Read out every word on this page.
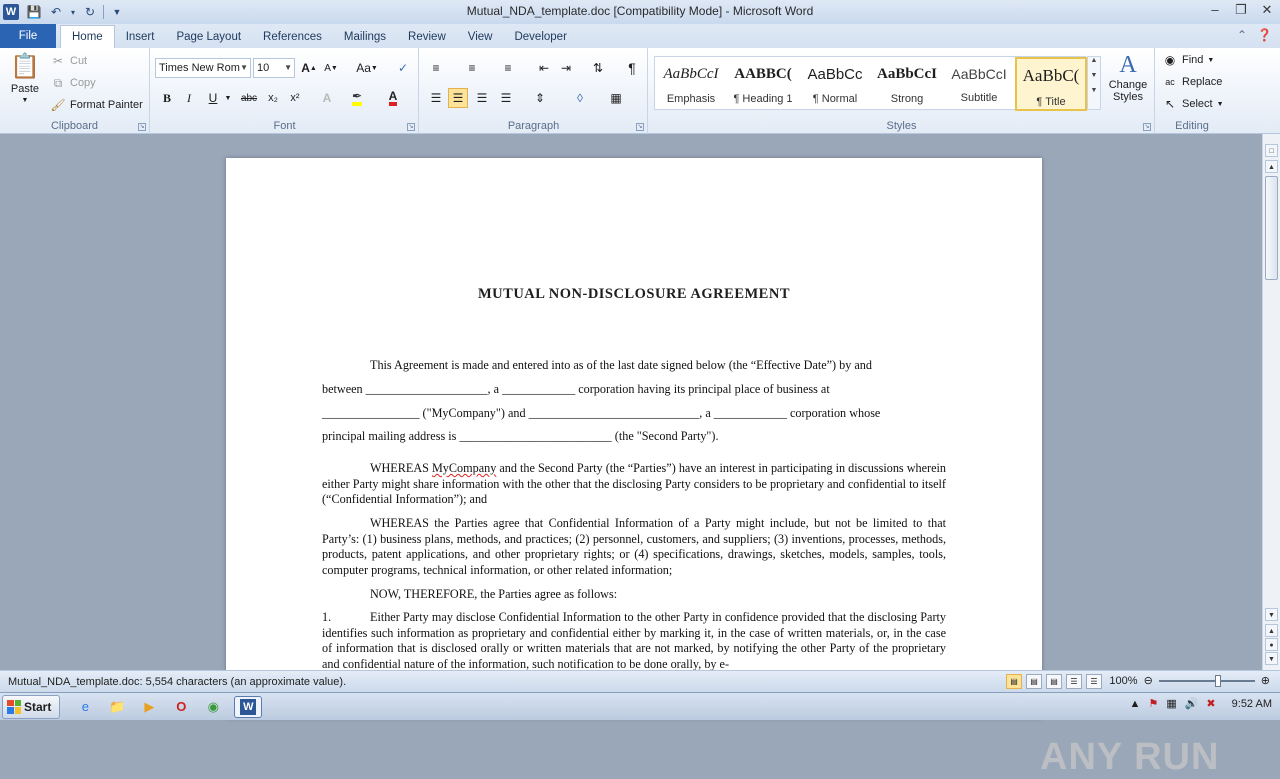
W 💾 ↶	▾ ↻	▼	Mutual_NDA_template.doc [Compatibility Mode] - Microsoft Word	– ❐ ✕
File	Home	Insert	Page Layout	References	Mailings	Review	View	Developer	⌃ ❓
📋
Paste
▼
✂ Cut
⧉ Copy
🖌 Format Painter
Clipboard	↘
Times New Rom ▼ 10 ▼ A ▲ A ▼ Aa ▼	✓
B	I	U	▼ abc	x₂	x²	A	✒ A
Font	↘
≡	≡	≡	⇤ ⇥	⇅	¶
☰ ☰	☰	☰	⇕	◊	▦
Paragraph	↘	Styles	↘
AaBbCcI
Emphasis
AABBC(
¶ Heading 1
AaBbCc
¶ Normal
AaBbCcI
Strong
AaBbCcI
Subtitle
AaBbC(
¶ Title
▲
▼
▼
A
Change Styles
◉ Find ▼
ac Replace
↖ Select ▼
Editing
MUTUAL NON-DISCLOSURE AGREEMENT
This Agreement is made and entered into as of the last date signed below (the “Effective Date”) by and
between ____________________, a ____________ corporation having its principal place of business at
________________ ("MyCompany") and ____________________________, a ____________ corporation whose
principal mailing address is _________________________ (the "Second Party").
WHEREAS MyCompany and the Second Party (the “Parties”) have an interest in participating in discussions wherein either Party might share information with the other that the disclosing Party considers to be proprietary and confidential to itself (“Confidential Information”); and
WHEREAS the Parties agree that Confidential Information of a Party might include, but not be limited to that Party’s: (1) business plans, methods, and practices; (2) personnel, customers, and suppliers; (3) inventions, processes, methods, products, patent applications, and other proprietary rights; or (4) specifications, drawings, sketches, models, samples, tools, computer programs, technical information, or other related information;
NOW, THEREFORE, the Parties agree as follows:
1.	Either Party may disclose Confidential Information to the other Party in confidence provided that the disclosing Party identifies such information as proprietary and confidential either by marking it, in the case of written materials, or, in the case of information that is disclosed orally or written materials that are not marked, by notifying the other Party of the proprietary and confidential nature of the information, such notification to be done orally, by e-
ANY RUN
□
▲
▼
▲
●
▼
Mutual_NDA_template.doc: 5,554 characters (an approximate value).	▤	▤	▤	☰	☰	100% ⊖	⊕
Start	e	📁	▶	O	◉	W	▲ ⚑ ▦ 🔊 ✖ 9:52 AM
